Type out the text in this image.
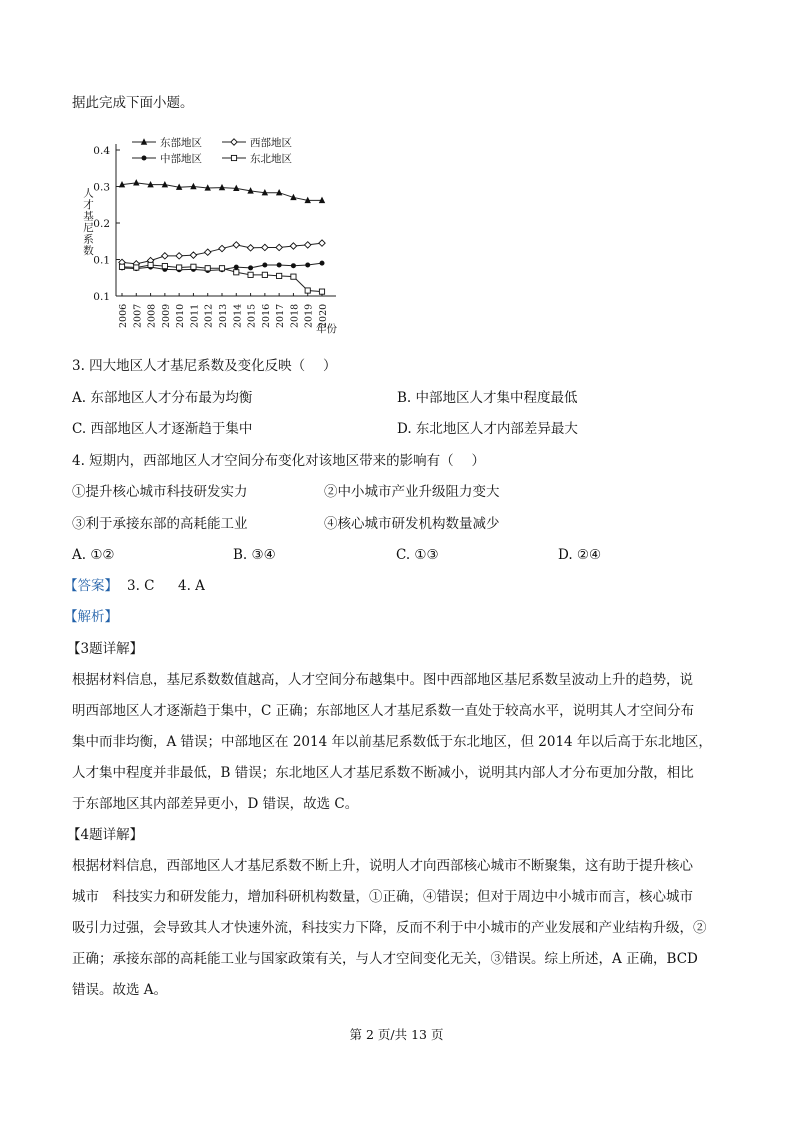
据此完成下面小题。
0.4
0.3
0.2
0.1
0.1
2006 2007 2008 2009 2010 2011 2012 2013 2014 2015 2016 2017 2018 2019 2020
人才基尼系数
年份
东部地区	西部地区
中部地区	东北地区
3. 四大地区人才基尼系数及变化反映（　 ）
A. 东部地区人才分布最为均衡	B. 中部地区人才集中程度最低
C. 西部地区人才逐渐趋于集中	D. 东北地区人才内部差异最大
4. 短期内，西部地区人才空间分布变化对该地区带来的影响有（　 ）
①提升核心城市科技研发实力	②中小城市产业升级阻力变大
③利于承接东部的高耗能工业	④核心城市研发机构数量减少
A. ①②	B. ③④	C. ①③	D. ②④
【答案】 3. C 4. A
【解析】
【3题详解】
根据材料信息，基尼系数数值越高，人才空间分布越集中。图中西部地区基尼系数呈波动上升的趋势，说
明西部地区人才逐渐趋于集中，C 正确；东部地区人才基尼系数一直处于较高水平，说明其人才空间分布
集中而非均衡，A 错误；中部地区在 2014 年以前基尼系数低于东北地区，但 2014 年以后高于东北地区，
人才集中程度并非最低，B 错误；东北地区人才基尼系数不断减小，说明其内部人才分布更加分散，相比
于东部地区其内部差异更小，D 错误，故选 C。
【4题详解】
根据材料信息，西部地区人才基尼系数不断上升，说明人才向西部核心城市不断聚集，这有助于提升核心
城市　科技实力和研发能力，增加科研机构数量，①正确，④错误；但对于周边中小城市而言，核心城市
吸引力过强，会导致其人才快速外流，科技实力下降，反而不利于中小城市的产业发展和产业结构升级，②
正确；承接东部的高耗能工业与国家政策有关，与人才空间变化无关，③错误。综上所述，A 正确，BCD
错误。故选 A。
第 2 页/共 13 页
